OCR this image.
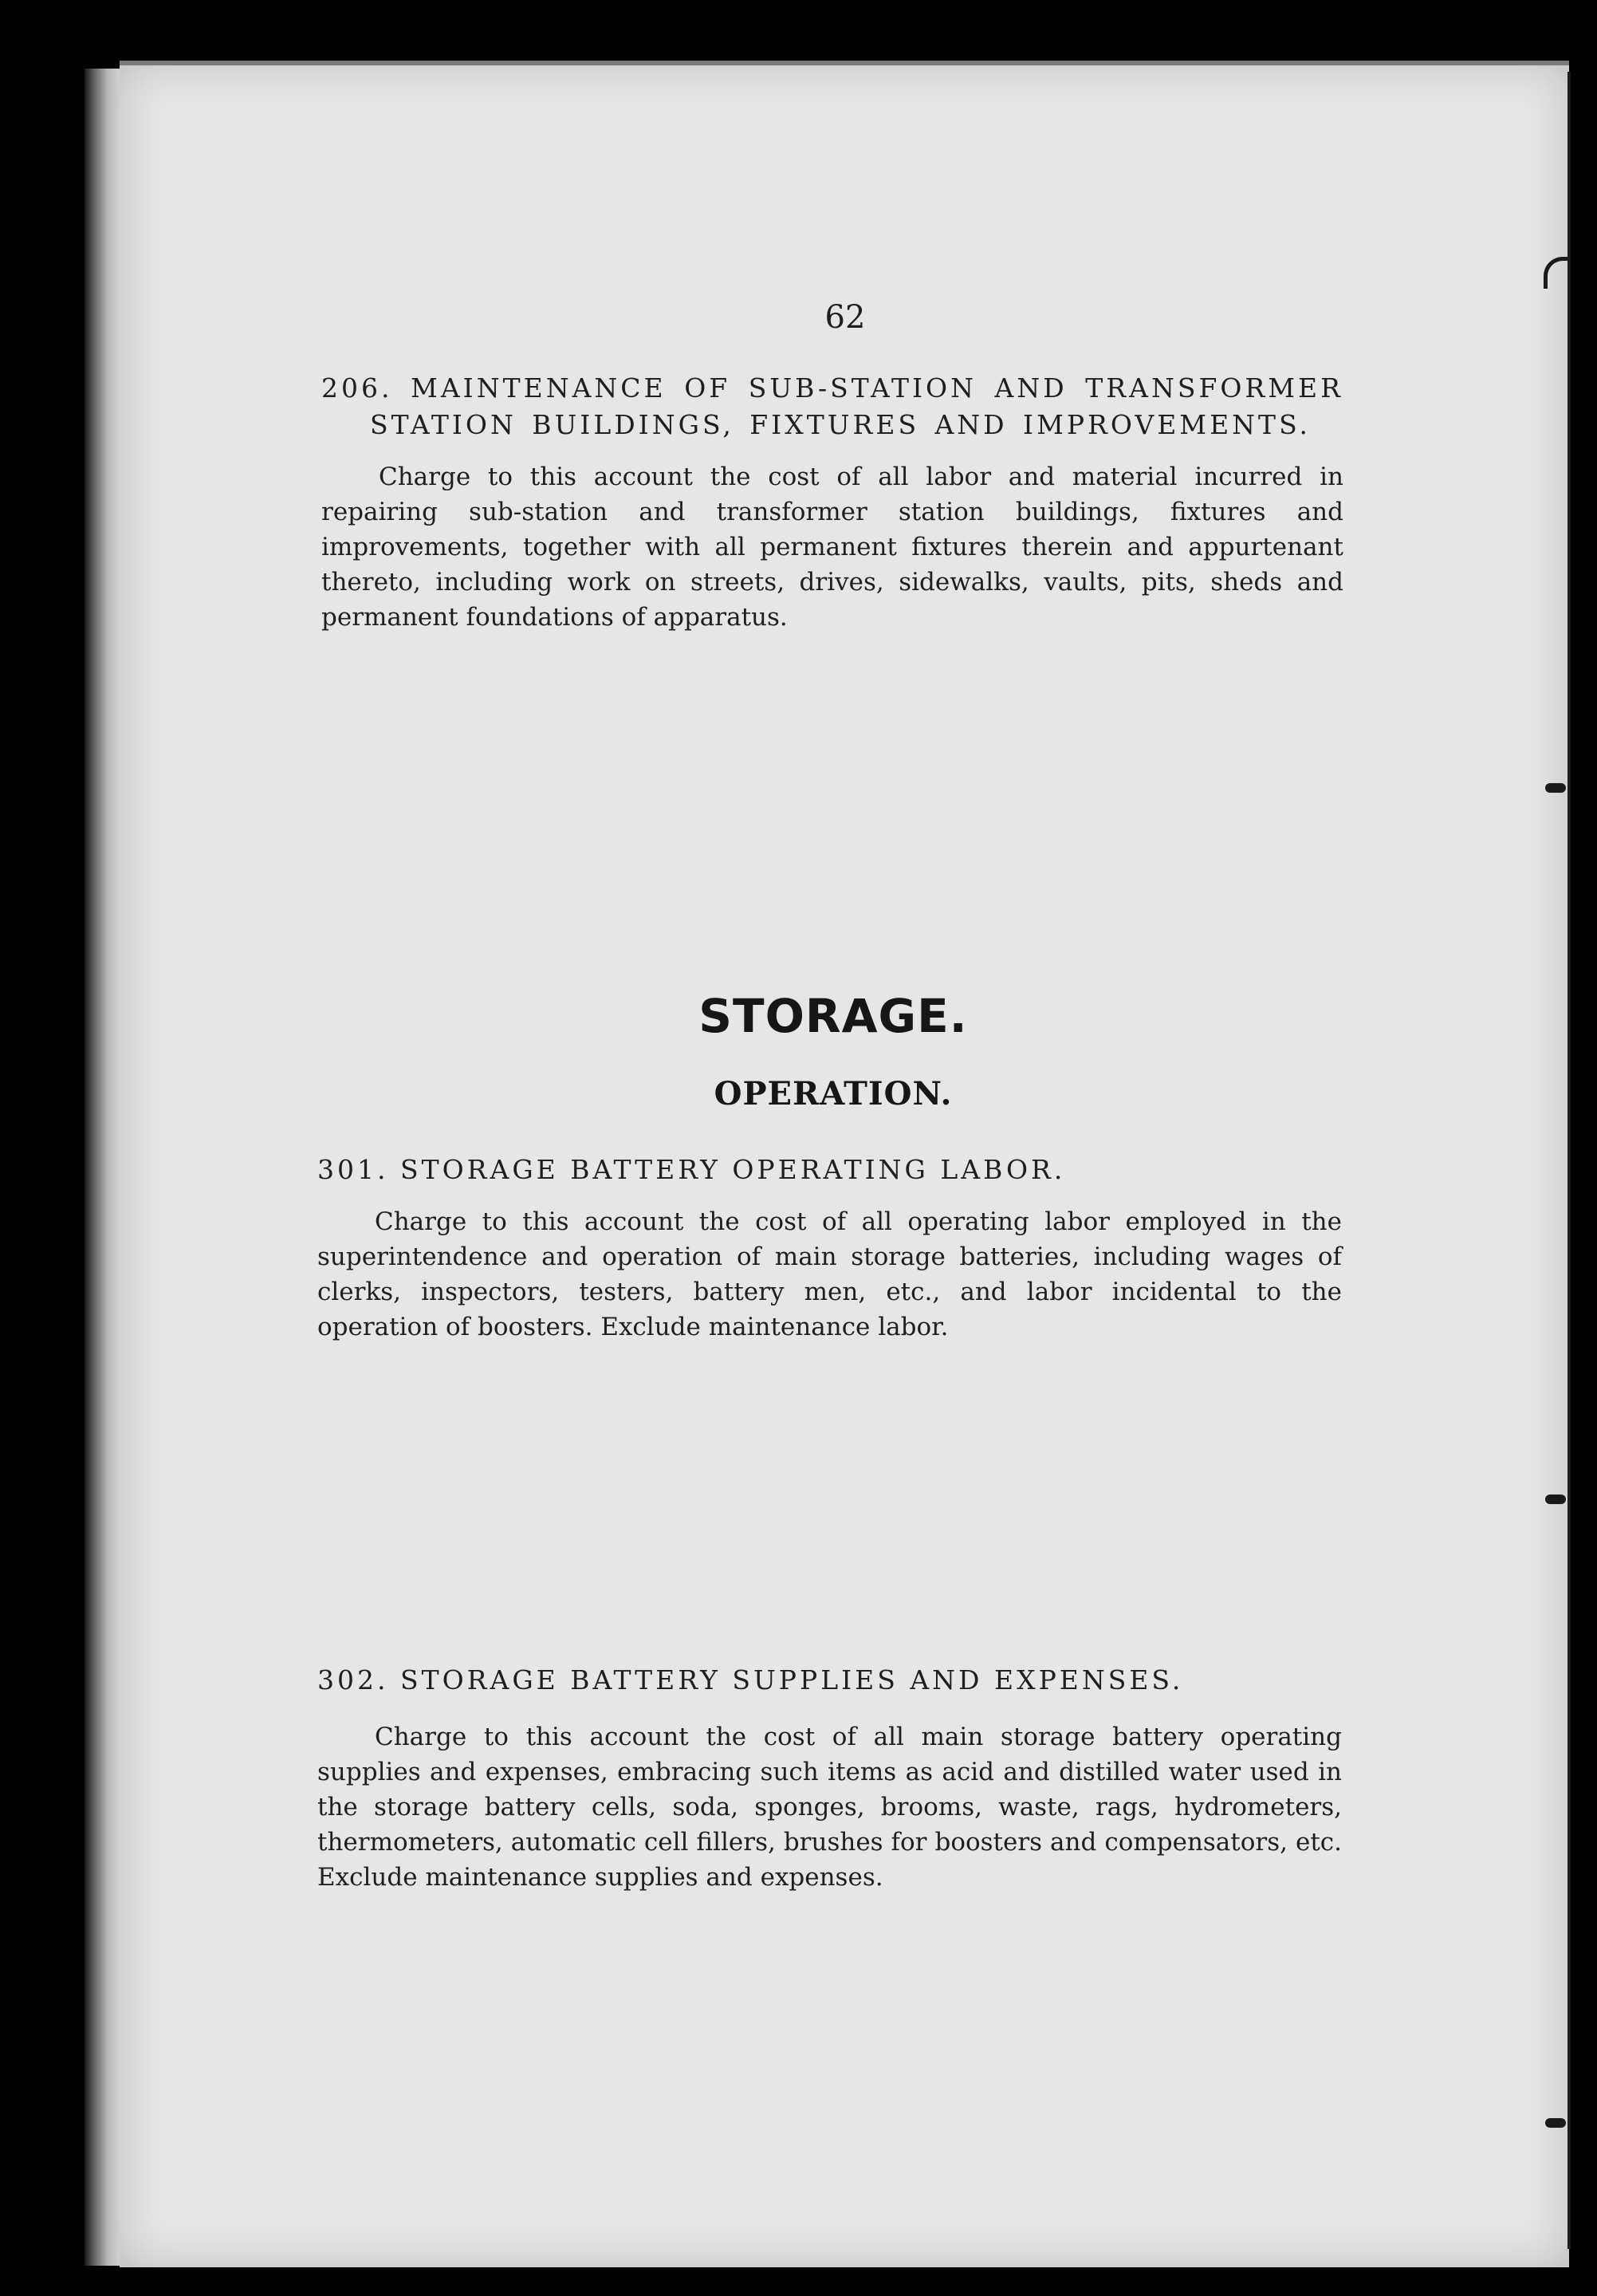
62
206. MAINTENANCE OF SUB-STATION AND TRANSFORMER
STATION BUILDINGS, FIXTURES AND IMPROVEMENTS.
Charge to this account the cost of all labor and material incurred in repairing sub-station and transformer station buildings, fixtures and improvements, together with all permanent fixtures therein and appurtenant thereto, including work on streets, drives, sidewalks, vaults, pits, sheds and permanent foundations of apparatus.
STORAGE.
OPERATION.
301. STORAGE BATTERY OPERATING LABOR.
Charge to this account the cost of all operating labor employed in the superintendence and operation of main storage batteries, including wages of clerks, inspectors, testers, battery men, etc., and labor incidental to the operation of boosters. Exclude maintenance labor.
302. STORAGE BATTERY SUPPLIES AND EXPENSES.
Charge to this account the cost of all main storage battery operating supplies and expenses, embracing such items as acid and distilled water used in the storage battery cells, soda, sponges, brooms, waste, rags, hydrometers, thermometers, automatic cell fillers, brushes for boosters and compensators, etc. Exclude maintenance supplies and expenses.
